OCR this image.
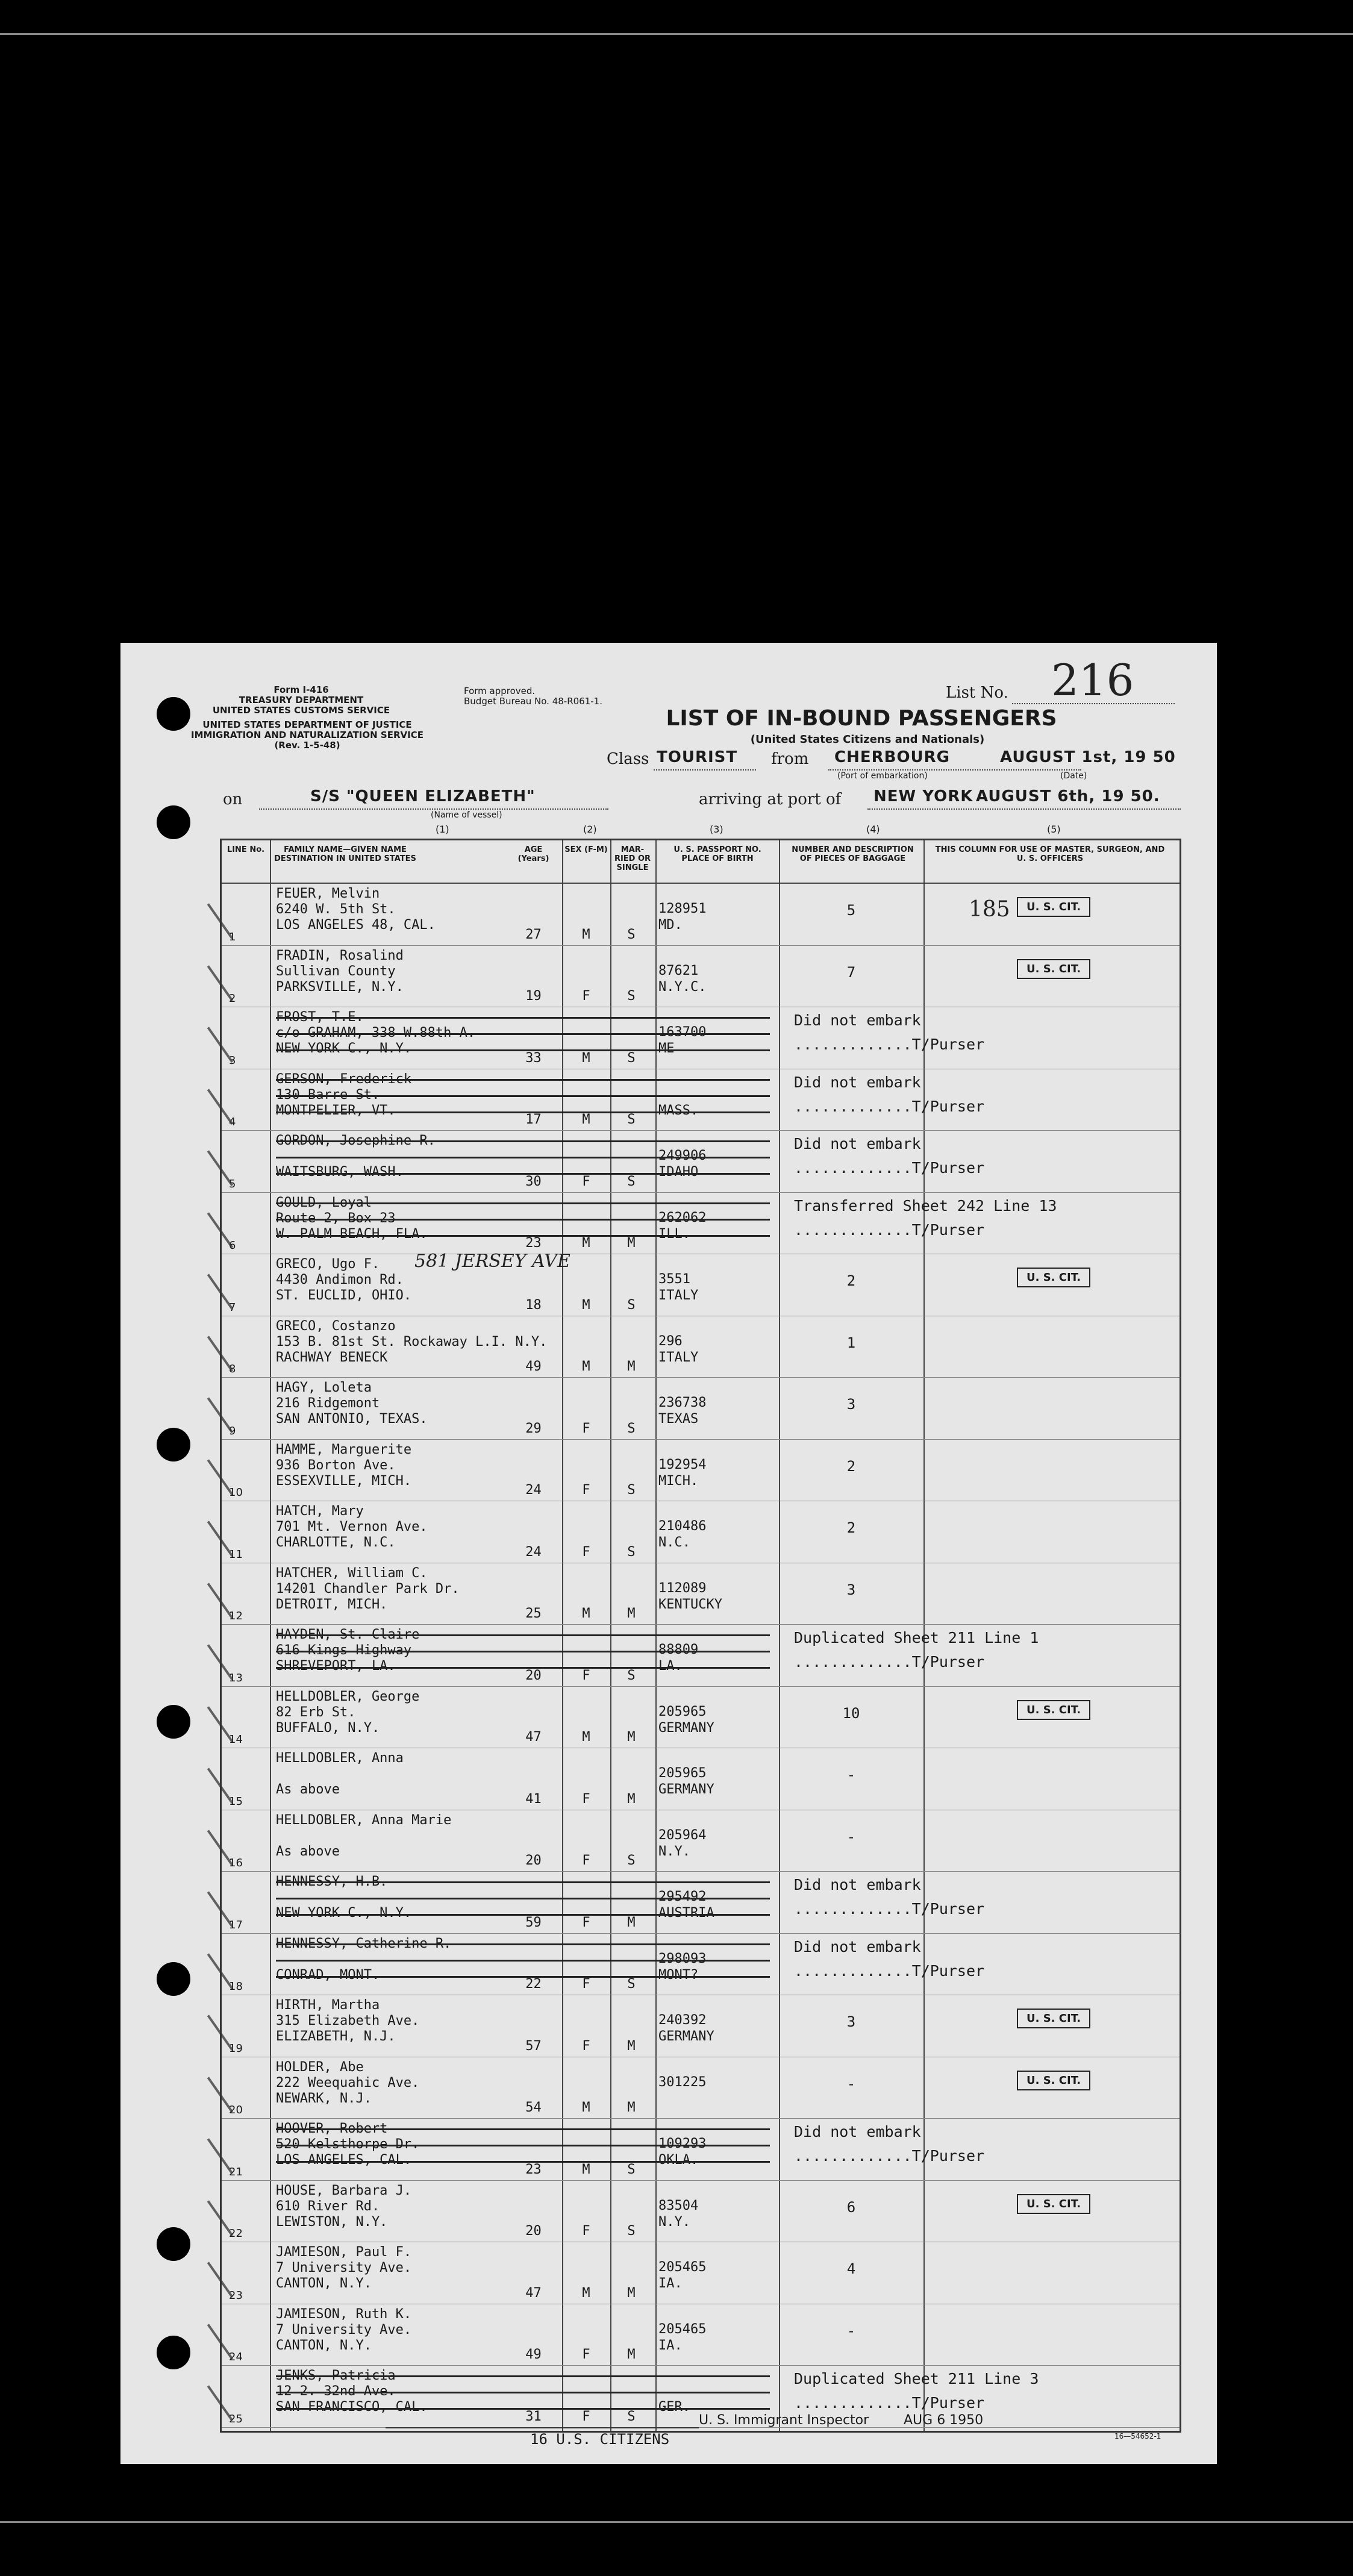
Form I-416
TREASURY DEPARTMENT
UNITED STATES CUSTOMS SERVICE
UNITED STATES DEPARTMENT OF JUSTICE
IMMIGRATION AND NATURALIZATION SERVICE
(Rev. 1-5-48)
Form approved.
Budget Bureau No. 48-R061-1.	List No. 216
LIST OF IN-BOUND PASSENGERS
(United States Citizens and Nationals)
Class TOURIST from CHERBOURG
(Port of embarkation)
AUGUST 1st, 19 50
(Date)
on	S/S "QUEEN ELIZABETH"
(Name of vessel)
arriving at port of NEW YORK AUGUST 6th, 19 50.
(1)	(2)	(3)	(4)	(5)
LINE No.	FAMILY NAME—GIVEN NAME DESTINATION IN UNITED STATES
AGE (Years)
SEX (F-M)	MAR-RIED OR SINGLE
U. S. PASSPORT NO. PLACE OF BIRTH
NUMBER AND DESCRIPTION OF PIECES OF BAGGAGE
THIS COLUMN FOR USE OF MASTER, SURGEON, AND U. S. OFFICERS
1
FEUER, Melvin
6240 W. 5th St.
LOS ANGELES 48, CAL.
27	M	S
128951
MD.
5	U. S. CIT.
185
2
FRADIN, Rosalind
Sullivan County
PARKSVILLE, N.Y.
19	F	S
87621
N.Y.C.
7	U. S. CIT.
3
FROST, T.E.
c/o GRAHAM, 338 W.88th A.
NEW YORK C., N.Y.
33	M	S
163700
ME
Did not embark
.............T/Purser
4
GERSON, Frederick
130 Barre St.
MONTPELIER, VT.
17	M	S

MASS.
Did not embark
.............T/Purser
5
GORDON, Josephine R.

WAITSBURG, WASH.
30	F	S
249906
IDAHO
Did not embark
.............T/Purser
6
GOULD, Loyal
Route 2, Box 23
W. PALM BEACH, FLA.
23	M	M
262062
ILL.
Transferred Sheet 242 Line 13
.............T/Purser
7
GRECO, Ugo F.
4430 Andimon Rd.
ST. EUCLID, OHIO.
18	M	S
3551
ITALY
2	U. S. CIT.
581 JERSEY AVE
8
GRECO, Costanzo
153 B. 81st St. Rockaway L.I. N.Y.
RACHWAY BENECK
49	M	M
296
ITALY
1
9
HAGY, Loleta
216 Ridgemont
SAN ANTONIO, TEXAS.
29	F	S
236738
TEXAS
3
10
HAMME, Marguerite
936 Borton Ave.
ESSEXVILLE, MICH.
24	F	S
192954
MICH.
2
11
HATCH, Mary
701 Mt. Vernon Ave.
CHARLOTTE, N.C.
24	F	S
210486
N.C.
2
12
HATCHER, William C.
14201 Chandler Park Dr.
DETROIT, MICH.
25	M	M
112089
KENTUCKY
3
13
HAYDEN, St. Claire
616 Kings Highway
SHREVEPORT, LA.
20	F	S
88809
LA.
Duplicated Sheet 211 Line 1
.............T/Purser
14
HELLDOBLER, George
82 Erb St.
BUFFALO, N.Y.
47	M	M
205965
GERMANY
10	U. S. CIT.
15
HELLDOBLER, Anna

As above
41	F	M
205965
GERMANY
-
16
HELLDOBLER, Anna Marie

As above
20	F	S
205964
N.Y.
-
17
HENNESSY, H.B.

NEW YORK C., N.Y.
59	F	M
295492
AUSTRIA
Did not embark
.............T/Purser
18
HENNESSY, Catherine R.

CONRAD, MONT.
22	F	S
298093
MONT?
Did not embark
.............T/Purser
19
HIRTH, Martha
315 Elizabeth Ave.
ELIZABETH, N.J.
57	F	M
240392
GERMANY
3	U. S. CIT.
20
HOLDER, Abe
222 Weequahic Ave.
NEWARK, N.J.
54	M	M
301225	-	U. S. CIT.
21
HOOVER, Robert
520 Kelsthorpe Dr.
LOS ANGELES, CAL.
23	M	S
109293
OKLA.
Did not embark
.............T/Purser
22
HOUSE, Barbara J.
610 River Rd.
LEWISTON, N.Y.
20	F	S
83504
N.Y.
6	U. S. CIT.
23
JAMIESON, Paul F.
7 University Ave.
CANTON, N.Y.
47	M	M
205465
IA.
4
24
JAMIESON, Ruth K.
7 University Ave.
CANTON, N.Y.
49	F	M
205465
IA.
-
25
JENKS, Patricia
12 2. 32nd Ave.
SAN FRANCISCO, CAL.
31	F	S

GER.
Duplicated Sheet 211 Line 3
.............T/Purser
16 U.S. CITIZENS
U. S. Immigrant Inspector	AUG 6 1950
16—54652-1
